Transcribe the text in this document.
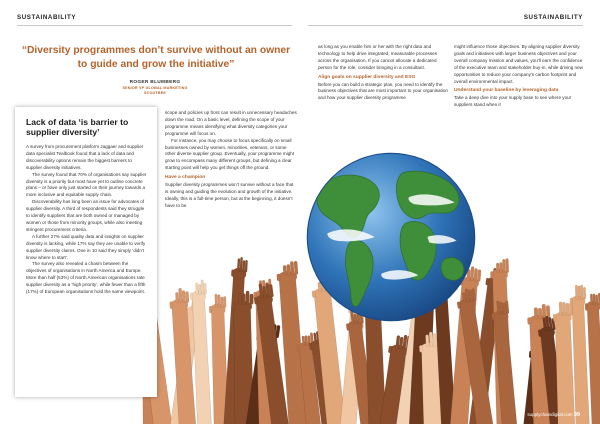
SUSTAINABILITY	SUSTAINABILITY
“Diversity programmes don’t survive without an owner to guide and grow the initiative”
ROGER BLUMBERG
SENIOR VP GLOBAL MARKETING
SCOUTBEE
Lack of data ‘is barrier to supplier diversity’

A survey from procurement platform Jaggaer and supplier data specialist Tealbook found that a lack of data and discoverability options remain the biggest barriers to supplier diversity initiatives.

The survey found that 70% of organisations say supplier diversity is a priority but most have yet to outline concrete plans – or have only just started on their journey towards a more inclusive and equitable supply chain.

Discoverability has long been an issue for advocates of supplier diversity. A third of respondents said they struggle to identify suppliers that are both owned or managed by women or those from minority groups, while also meeting stringent procurement criteria.

A further 27% said quality data and insights on supplier diversity is lacking, while 17% say they are unable to verify supplier diversity claims. One in 10 said they simply ‘didn’t know where to start’.

The survey also revealed a chasm between the objectives of organisations in North America and Europe. More than half (53%) of North American organisations rate supplier diversity as a ‘high priority’, while fewer than a fifth (17%) of European organisations hold the same viewpoint.

scope and policies up front can result in unnecessary headaches down the road. On a basic level, defining the scope of your programme means identifying what diversity categories your programme will focus on.

For instance, you may choose to focus specifically on small businesses owned by women, minorities, veterans, or some other diverse supplier group. Eventually, your programme might grow to encompass many different groups, but defining a clear starting point will help you get things off the ground.

Have a champion

Supplier diversity programmes won’t survive without a face that is owning and guiding the evolution and growth of the initiative. Ideally, this is a full-time person, but at the beginning, it doesn’t have to be

as long as you enable him or her with the right data and technology to help drive integrated, measurable processes across the organisation. If you cannot allocate a dedicated person for the role, consider bringing in a consultant.

Align goals on supplier diversity and ESG

Before you can build a strategic plan, you need to identify the business objectives that are most important to your organisation and how your supplier diversity programme

might influence those objectives. By aligning supplier diversity goals and initiatives with larger business objectives and your overall company mission and values, you’ll earn the confidence of the executive team and stakeholder buy-in, while driving new opportunities to reduce your company’s carbon footprint and overall environmental impact.

Understand your baseline by leveraging data

Take a deep dive into your supply base to see where your suppliers stand when it

98 December 2022	supplychaindigital.com 99
